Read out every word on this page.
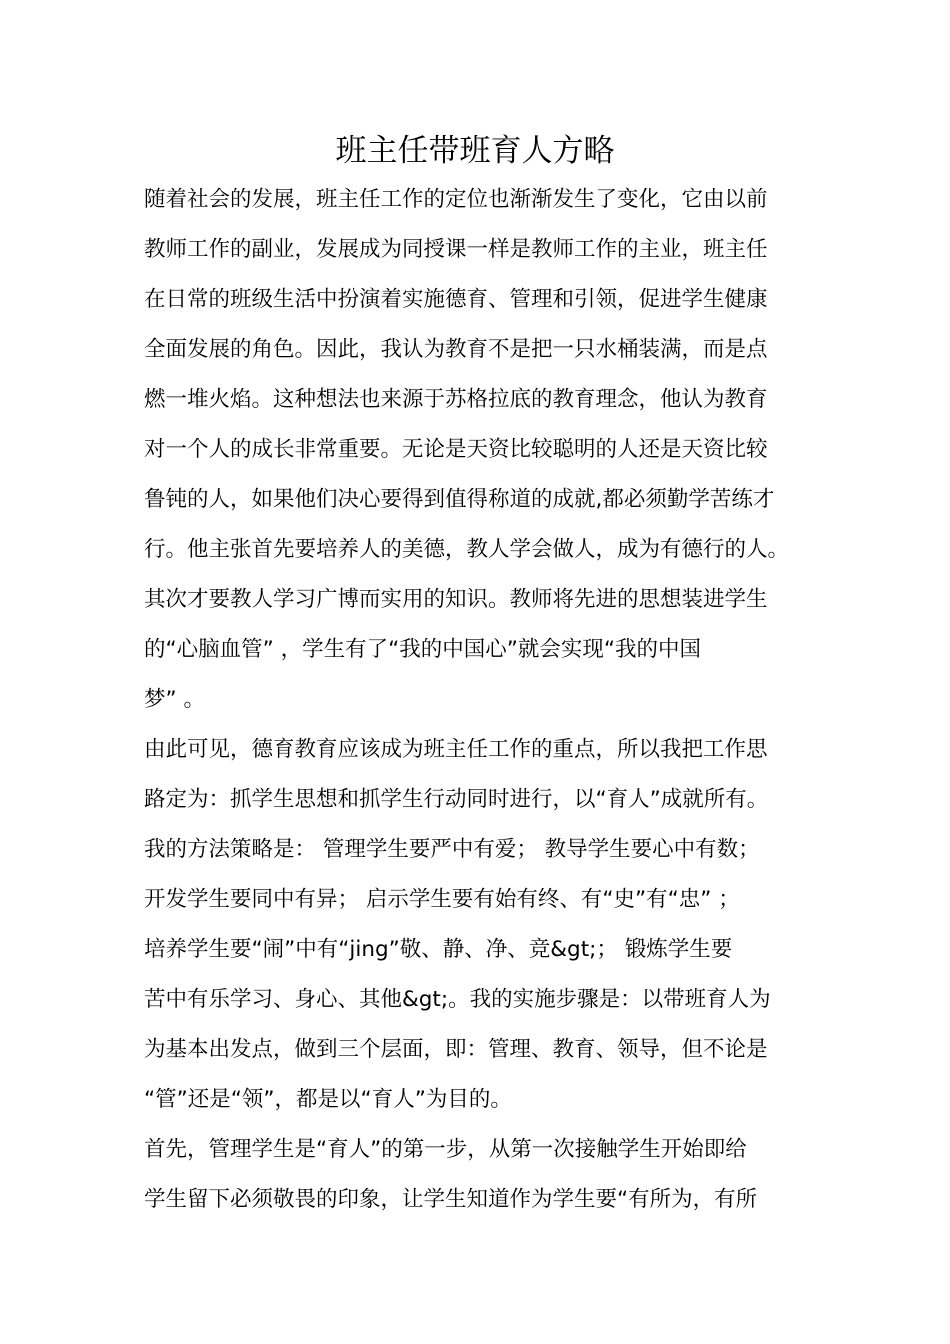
班主任带班育人方略
随着社会的发展，班主任工作的定位也渐渐发生了变化，它由以前
教师工作的副业，发展成为同授课一样是教师工作的主业，班主任
在日常的班级生活中扮演着实施德育、管理和引领，促进学生健康
全面发展的角色。因此，我认为教育不是把一只水桶装满，而是点
燃一堆火焰。这种想法也来源于苏格拉底的教育理念，他认为教育
对一个人的成长非常重要。无论是天资比较聪明的人还是天资比较
鲁钝的人，如果他们决心要得到值得称道的成就,都必须勤学苦练才
行。他主张首先要培养人的美德，教人学会做人，成为有德行的人。
其次才要教人学习广博而实用的知识。教师将先进的思想装进学生
的“心脑血管” ，学生有了“我的中国心”就会实现“我的中国
梦” 。
由此可见，德育教育应该成为班主任工作的重点，所以我把工作思
路定为：抓学生思想和抓学生行动同时进行，以“育人”成就所有。
我的方法策略是： 管理学生要严中有爱； 教导学生要心中有数；
开发学生要同中有异； 启示学生要有始有终、有“史”有“忠” ；
培养学生要“闹”中有“jing”敬、静、净、竞&gt;； 锻炼学生要
苦中有乐学习、身心、其他&gt;。我的实施步骤是：以带班育人为
为基本出发点，做到三个层面，即：管理、教育、领导，但不论是
“管”还是“领”，都是以“育人”为目的。
首先，管理学生是“育人”的第一步，从第一次接触学生开始即给
学生留下必须敬畏的印象，让学生知道作为学生要“有所为，有所
